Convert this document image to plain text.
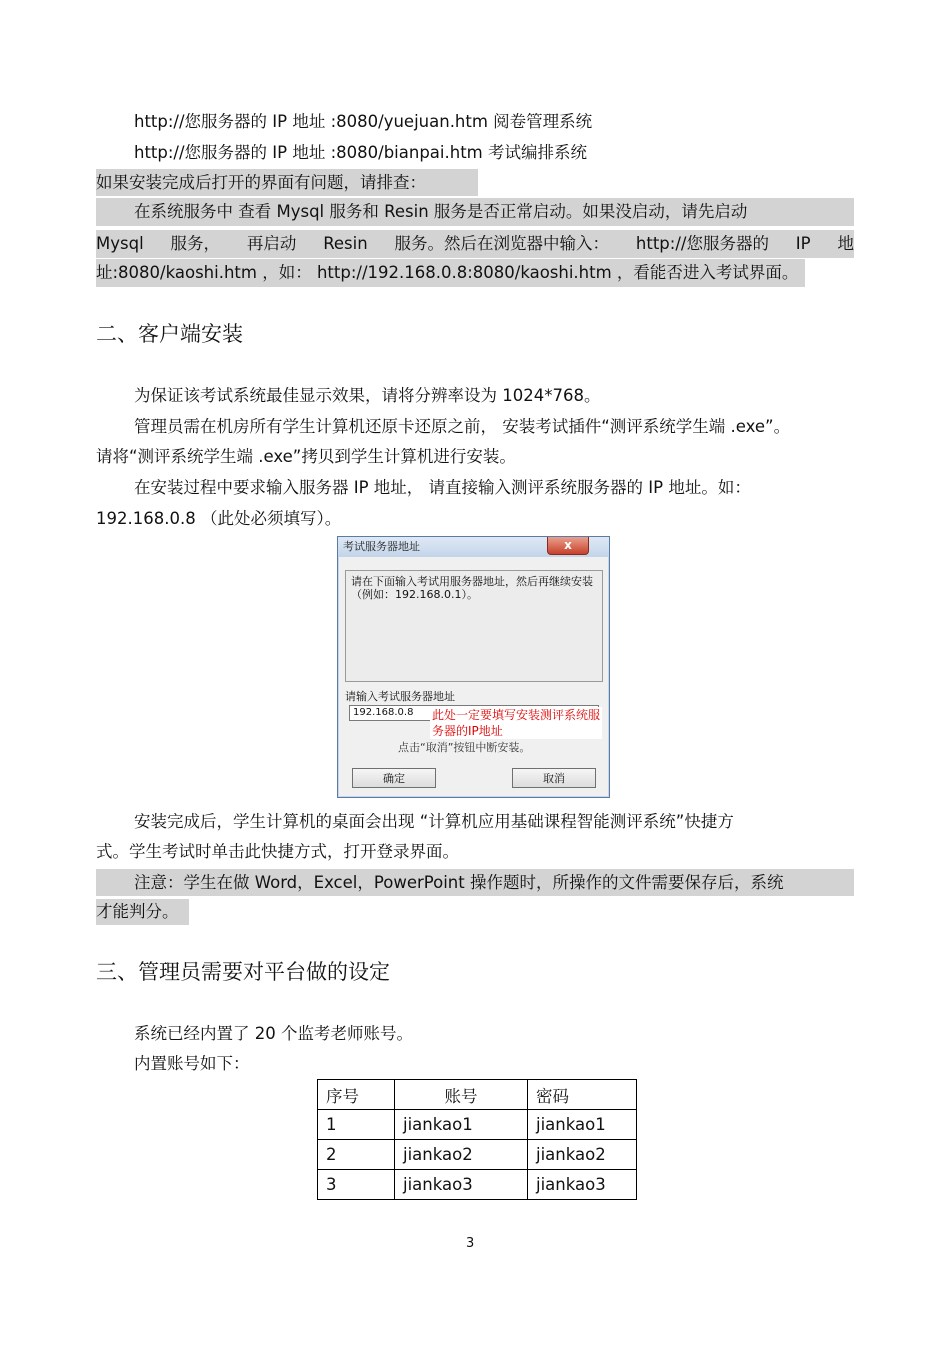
http://您服务器的 IP 地址 :8080/yuejuan.htm 阅卷管理系统
http://您服务器的 IP 地址 :8080/bianpai.htm 考试编排系统
如果安装完成后打开的界面有问题，请排查：
在系统服务中 查看 Mysql 服务和 Resin 服务是否正常启动。如果没启动，请先启动
Mysql 服务， 再启动 Resin 服务。然后在浏览器中输入： http://您服务器的 IP 地
址:8080/kaoshi.htm ，如： http://192.168.0.8:8080/kaoshi.htm ，看能否进入考试界面。
二、客户端安装
为保证该考试系统最佳显示效果，请将分辨率设为 1024*768。
管理员需在机房所有学生计算机还原卡还原之前， 安装考试插件“测评系统学生端 .exe”。
请将“测评系统学生端 .exe”拷贝到学生计算机进行安装。
在安装过程中要求输入服务器 IP 地址， 请直接输入测评系统服务器的 IP 地址。如：
192.168.0.8 （此处必须填写）。
考试服务器地址	x
请在下面输入考试用服务器地址，然后再继续安装（例如：192.168.0.1）。
请输入考试服务器地址
192.168.0.8	此处一定要填写安装测评系统服务器的IP地址
点击“取消”按钮中断安装。
确定	取消
安装完成后，学生计算机的桌面会出现 “计算机应用基础课程智能测评系统”快捷方
式。学生考试时单击此快捷方式，打开登录界面。
注意：学生在做 Word，Excel，PowerPoint 操作题时，所操作的文件需要保存后，系统
才能判分。
三、管理员需要对平台做的设定
系统已经内置了 20 个监考老师账号。
内置账号如下：
序号	账号	密码
1	jiankao1	jiankao1
2	jiankao2	jiankao2
3	jiankao3	jiankao3
3
